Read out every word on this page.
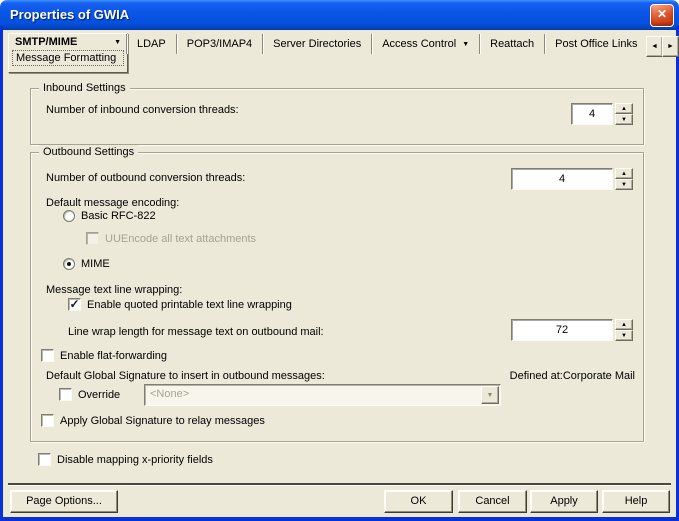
Properties of GWIA	✕
SMTP/MIME	▼
Message Formatting
LDAP POP3/IMAP4 Server Directories Access Control ▼ Reattach Post Office Links	◄	►
Inbound Settings
Number of inbound conversion threads:	4	▲
▼
Outbound Settings
Number of outbound conversion threads:	4	▲
▼
Default message encoding:
Basic RFC-822
UUEncode all text attachments
MIME
Message text line wrapping:
✓ Enable quoted printable text line wrapping
Line wrap length for message text on outbound mail:	72	▲
▼
Enable flat-forwarding
Default Global Signature to insert in outbound messages:	Defined at:Corporate Mail
Override	<None>	▼
Apply Global Signature to relay messages
Disable mapping x-priority fields
Page Options...	OK	Cancel	Apply	Help
